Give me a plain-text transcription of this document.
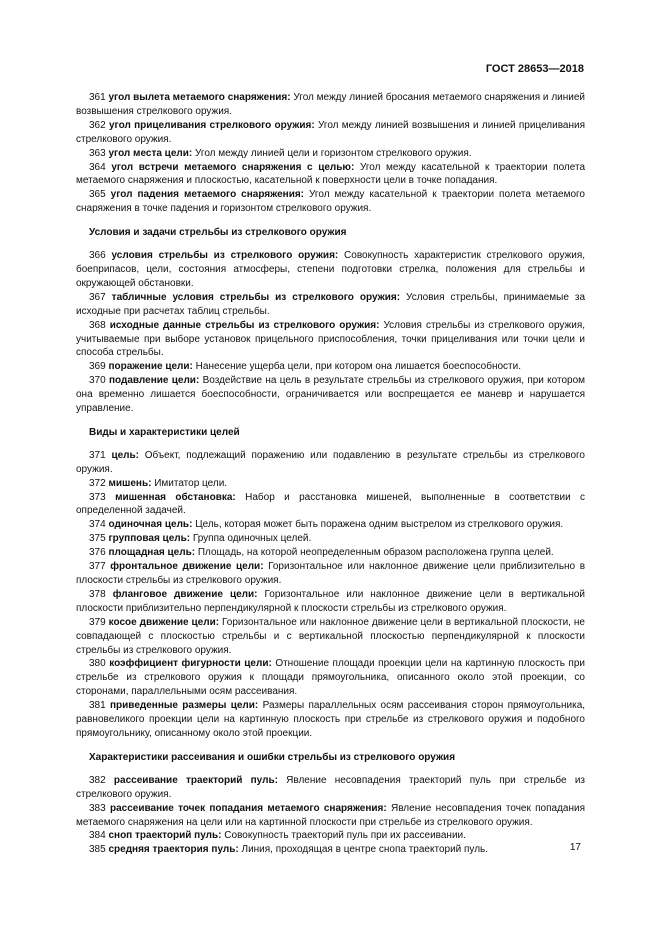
ГОСТ 28653—2018

361 угол вылета метаемого снаряжения: Угол между линией бросания метаемого снаряжения и линией возвышения стрелкового оружия.

362 угол прицеливания стрелкового оружия: Угол между линией возвышения и линией прицеливания стрелкового оружия.

363 угол места цели: Угол между линией цели и горизонтом стрелкового оружия.

364 угол встречи метаемого снаряжения с целью: Угол между касательной к траектории полета метаемого снаряжения и плоскостью, касательной к поверхности цели в точке попадания.

365 угол падения метаемого снаряжения: Угол между касательной к траектории полета метаемого снаряжения в точке падения и горизонтом стрелкового оружия.

Условия и задачи стрельбы из стрелкового оружия

366 условия стрельбы из стрелкового оружия: Совокупность характеристик стрелкового оружия, боеприпасов, цели, состояния атмосферы, степени подготовки стрелка, положения для стрельбы и окружающей обстановки.

367 табличные условия стрельбы из стрелкового оружия: Условия стрельбы, принимаемые за исходные при расчетах таблиц стрельбы.

368 исходные данные стрельбы из стрелкового оружия: Условия стрельбы из стрелкового оружия, учитываемые при выборе установок прицельного приспособления, точки прицеливания или точки цели и способа стрельбы.

369 поражение цели: Нанесение ущерба цели, при котором она лишается боеспособности.

370 подавление цели: Воздействие на цель в результате стрельбы из стрелкового оружия, при котором она временно лишается боеспособности, ограничивается или воспрещается ее маневр и нарушается управление.

Виды и характеристики целей

371 цель: Объект, подлежащий поражению или подавлению в результате стрельбы из стрелкового оружия.

372 мишень: Имитатор цели.

373 мишенная обстановка: Набор и расстановка мишеней, выполненные в соответствии с определенной задачей.

374 одиночная цель: Цель, которая может быть поражена одним выстрелом из стрелкового оружия.

375 групповая цель: Группа одиночных целей.

376 площадная цель: Площадь, на которой неопределенным образом расположена группа целей.

377 фронтальное движение цели: Горизонтальное или наклонное движение цели приблизительно в плоскости стрельбы из стрелкового оружия.

378 фланговое движение цели: Горизонтальное или наклонное движение цели в вертикальной плоскости приблизительно перпендикулярной к плоскости стрельбы из стрелкового оружия.

379 косое движение цели: Горизонтальное или наклонное движение цели в вертикальной плоскости, не совпадающей с плоскостью стрельбы и с вертикальной плоскостью перпендикулярной к плоскости стрельбы из стрелкового оружия.

380 коэффициент фигурности цели: Отношение площади проекции цели на картинную плоскость при стрельбе из стрелкового оружия к площади прямоугольника, описанного около этой проекции, со сторонами, параллельными осям рассеивания.

381 приведенные размеры цели: Размеры параллельных осям рассеивания сторон прямоугольника, равновеликого проекции цели на картинную плоскость при стрельбе из стрелкового оружия и подобного прямоугольнику, описанному около этой проекции.

Характеристики рассеивания и ошибки стрельбы из стрелкового оружия

382 рассеивание траекторий пуль: Явление несовпадения траекторий пуль при стрельбе из стрелкового оружия.

383 рассеивание точек попадания метаемого снаряжения: Явление несовпадения точек попадания метаемого снаряжения на цели или на картинной плоскости при стрельбе из стрелкового оружия.

384 сноп траекторий пуль: Совокупность траекторий пуль при их рассеивании.

385 средняя траектория пуль: Линия, проходящая в центре снопа траекторий пуль.	17
